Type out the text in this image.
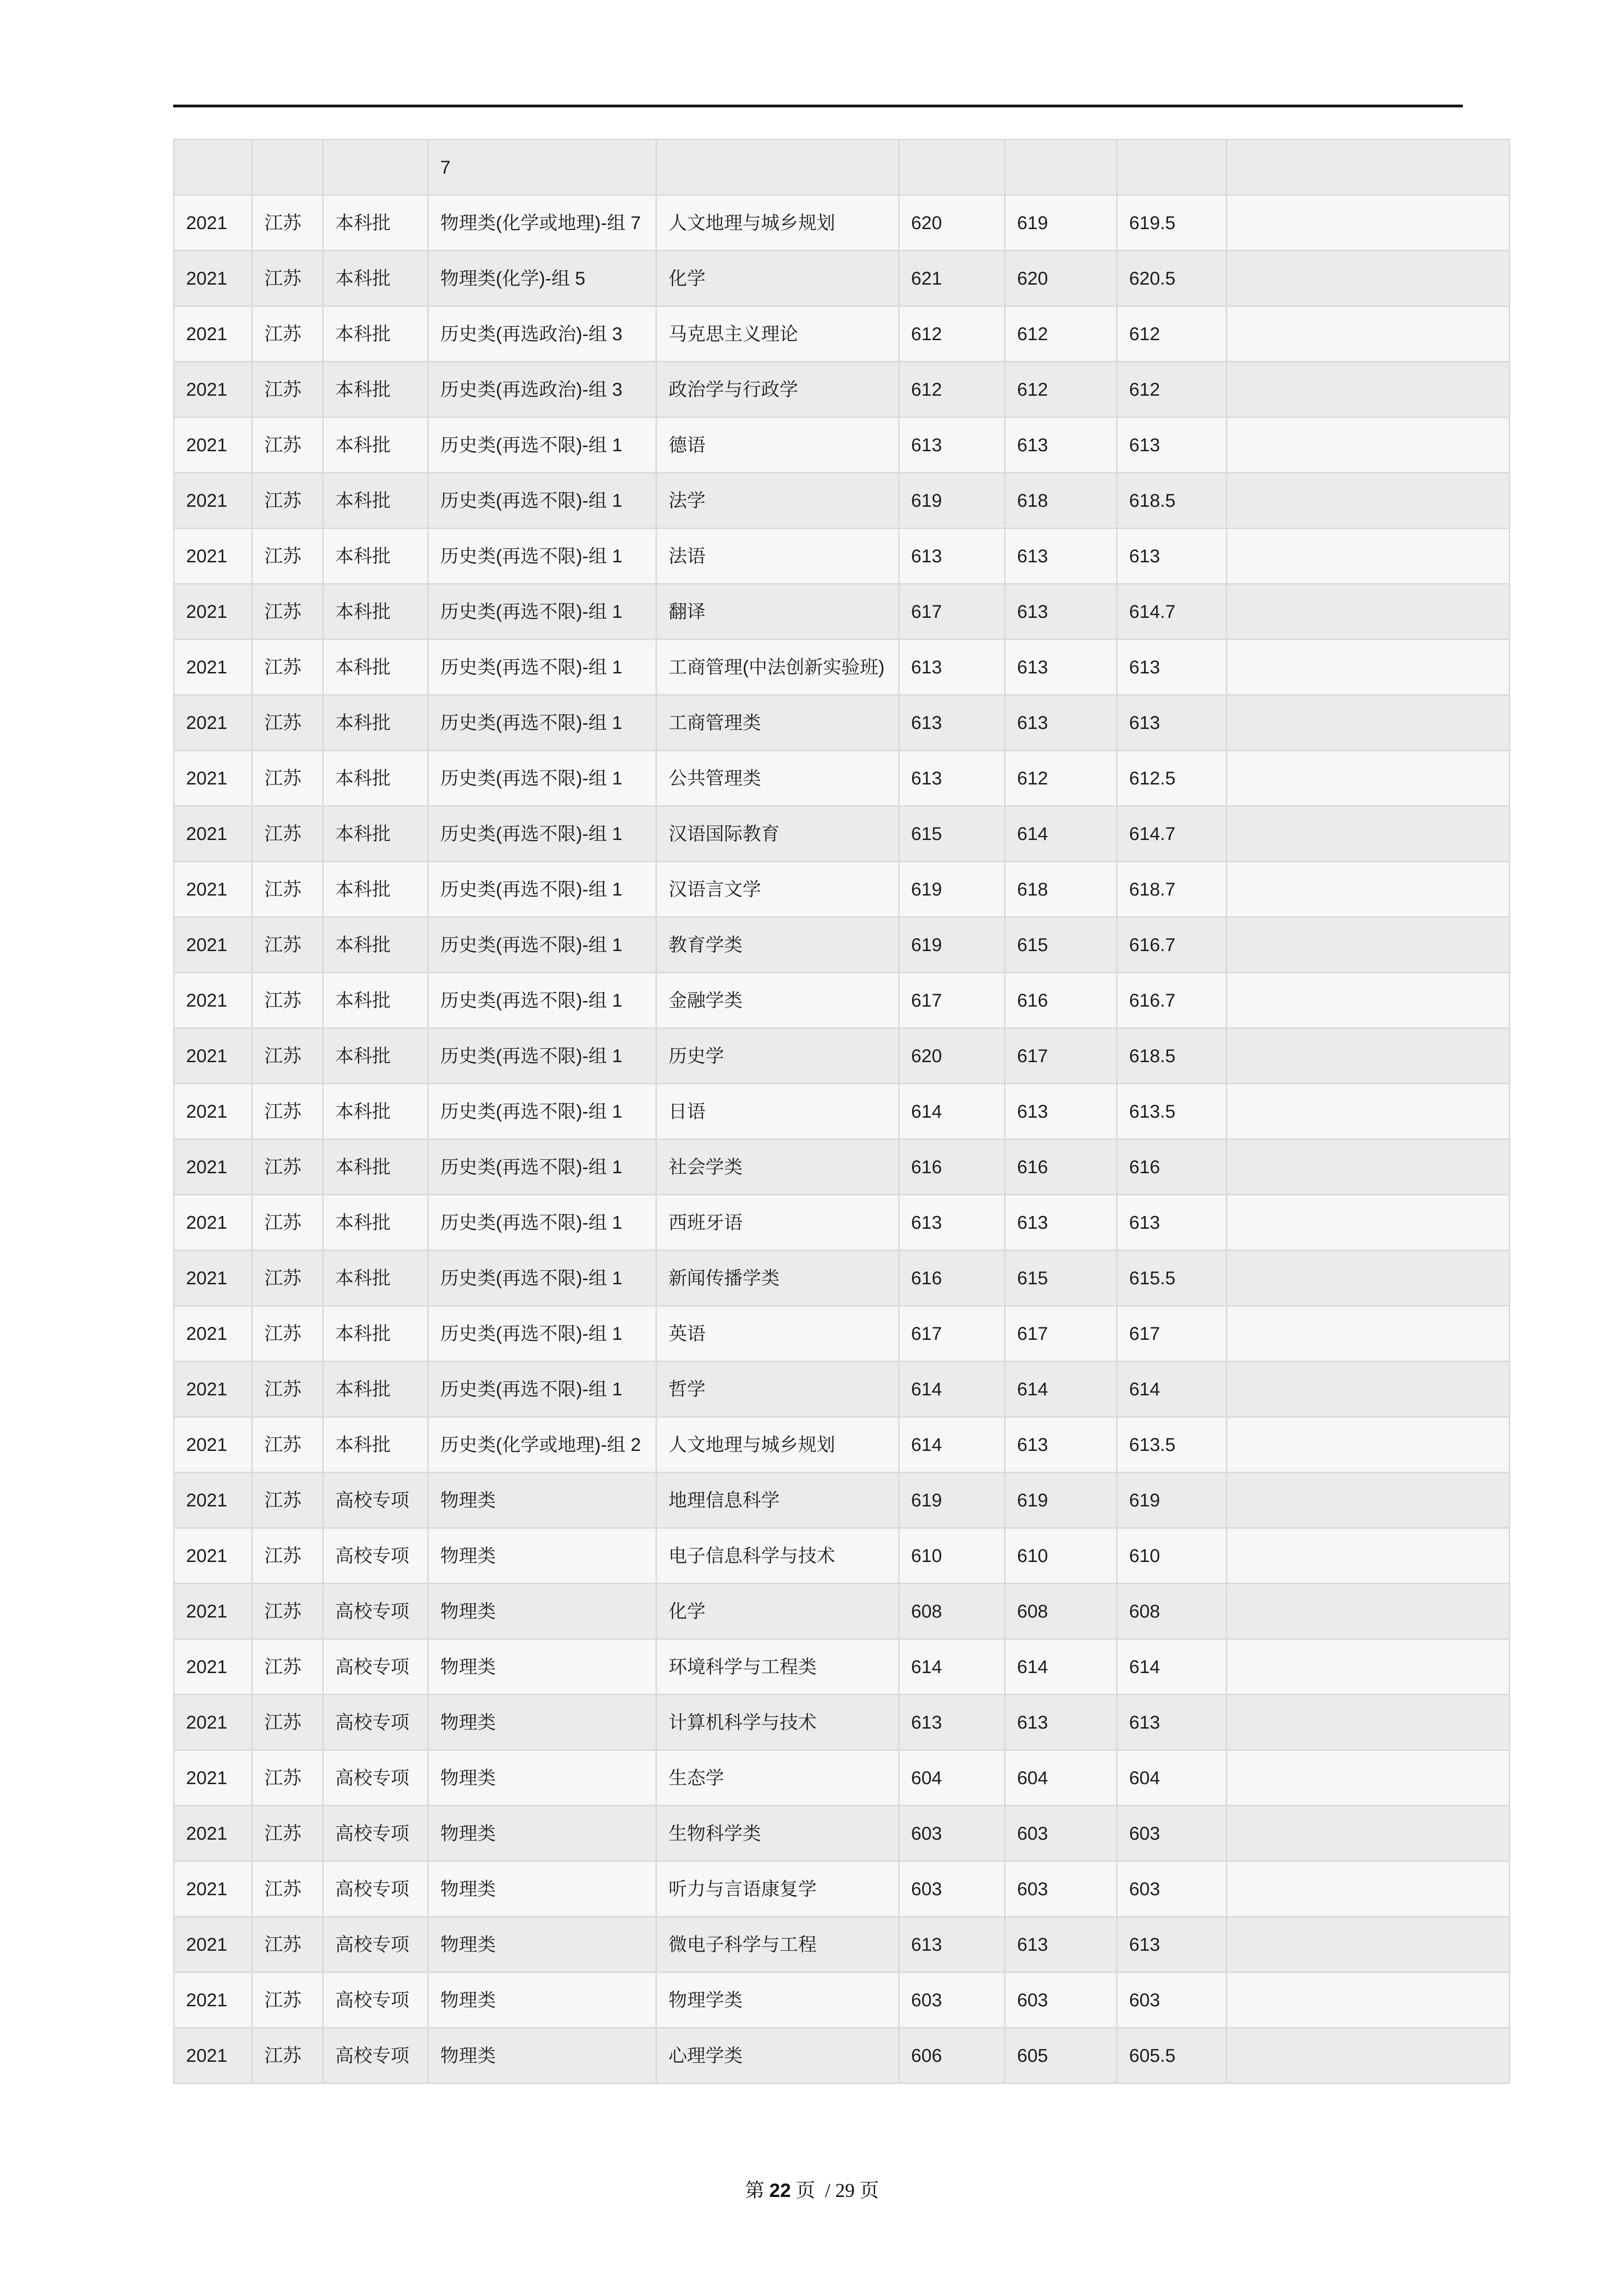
			7					
2021	江苏	本科批	物理类(化学或地理)-组 7	人文地理与城乡规划	620	619	619.5	
2021	江苏	本科批	物理类(化学)-组 5	化学	621	620	620.5	
2021	江苏	本科批	历史类(再选政治)-组 3	马克思主义理论	612	612	612	
2021	江苏	本科批	历史类(再选政治)-组 3	政治学与行政学	612	612	612	
2021	江苏	本科批	历史类(再选不限)-组 1	德语	613	613	613	
2021	江苏	本科批	历史类(再选不限)-组 1	法学	619	618	618.5	
2021	江苏	本科批	历史类(再选不限)-组 1	法语	613	613	613	
2021	江苏	本科批	历史类(再选不限)-组 1	翻译	617	613	614.7	
2021	江苏	本科批	历史类(再选不限)-组 1	工商管理(中法创新实验班)	613	613	613	
2021	江苏	本科批	历史类(再选不限)-组 1	工商管理类	613	613	613	
2021	江苏	本科批	历史类(再选不限)-组 1	公共管理类	613	612	612.5	
2021	江苏	本科批	历史类(再选不限)-组 1	汉语国际教育	615	614	614.7	
2021	江苏	本科批	历史类(再选不限)-组 1	汉语言文学	619	618	618.7	
2021	江苏	本科批	历史类(再选不限)-组 1	教育学类	619	615	616.7	
2021	江苏	本科批	历史类(再选不限)-组 1	金融学类	617	616	616.7	
2021	江苏	本科批	历史类(再选不限)-组 1	历史学	620	617	618.5	
2021	江苏	本科批	历史类(再选不限)-组 1	日语	614	613	613.5	
2021	江苏	本科批	历史类(再选不限)-组 1	社会学类	616	616	616	
2021	江苏	本科批	历史类(再选不限)-组 1	西班牙语	613	613	613	
2021	江苏	本科批	历史类(再选不限)-组 1	新闻传播学类	616	615	615.5	
2021	江苏	本科批	历史类(再选不限)-组 1	英语	617	617	617	
2021	江苏	本科批	历史类(再选不限)-组 1	哲学	614	614	614	
2021	江苏	本科批	历史类(化学或地理)-组 2	人文地理与城乡规划	614	613	613.5	
2021	江苏	高校专项	物理类	地理信息科学	619	619	619	
2021	江苏	高校专项	物理类	电子信息科学与技术	610	610	610	
2021	江苏	高校专项	物理类	化学	608	608	608	
2021	江苏	高校专项	物理类	环境科学与工程类	614	614	614	
2021	江苏	高校专项	物理类	计算机科学与技术	613	613	613	
2021	江苏	高校专项	物理类	生态学	604	604	604	
2021	江苏	高校专项	物理类	生物科学类	603	603	603	
2021	江苏	高校专项	物理类	听力与言语康复学	603	603	603	
2021	江苏	高校专项	物理类	微电子科学与工程	613	613	613	
2021	江苏	高校专项	物理类	物理学类	603	603	603	
2021	江苏	高校专项	物理类	心理学类	606	605	605.5	
第 22 页  / 29 页
